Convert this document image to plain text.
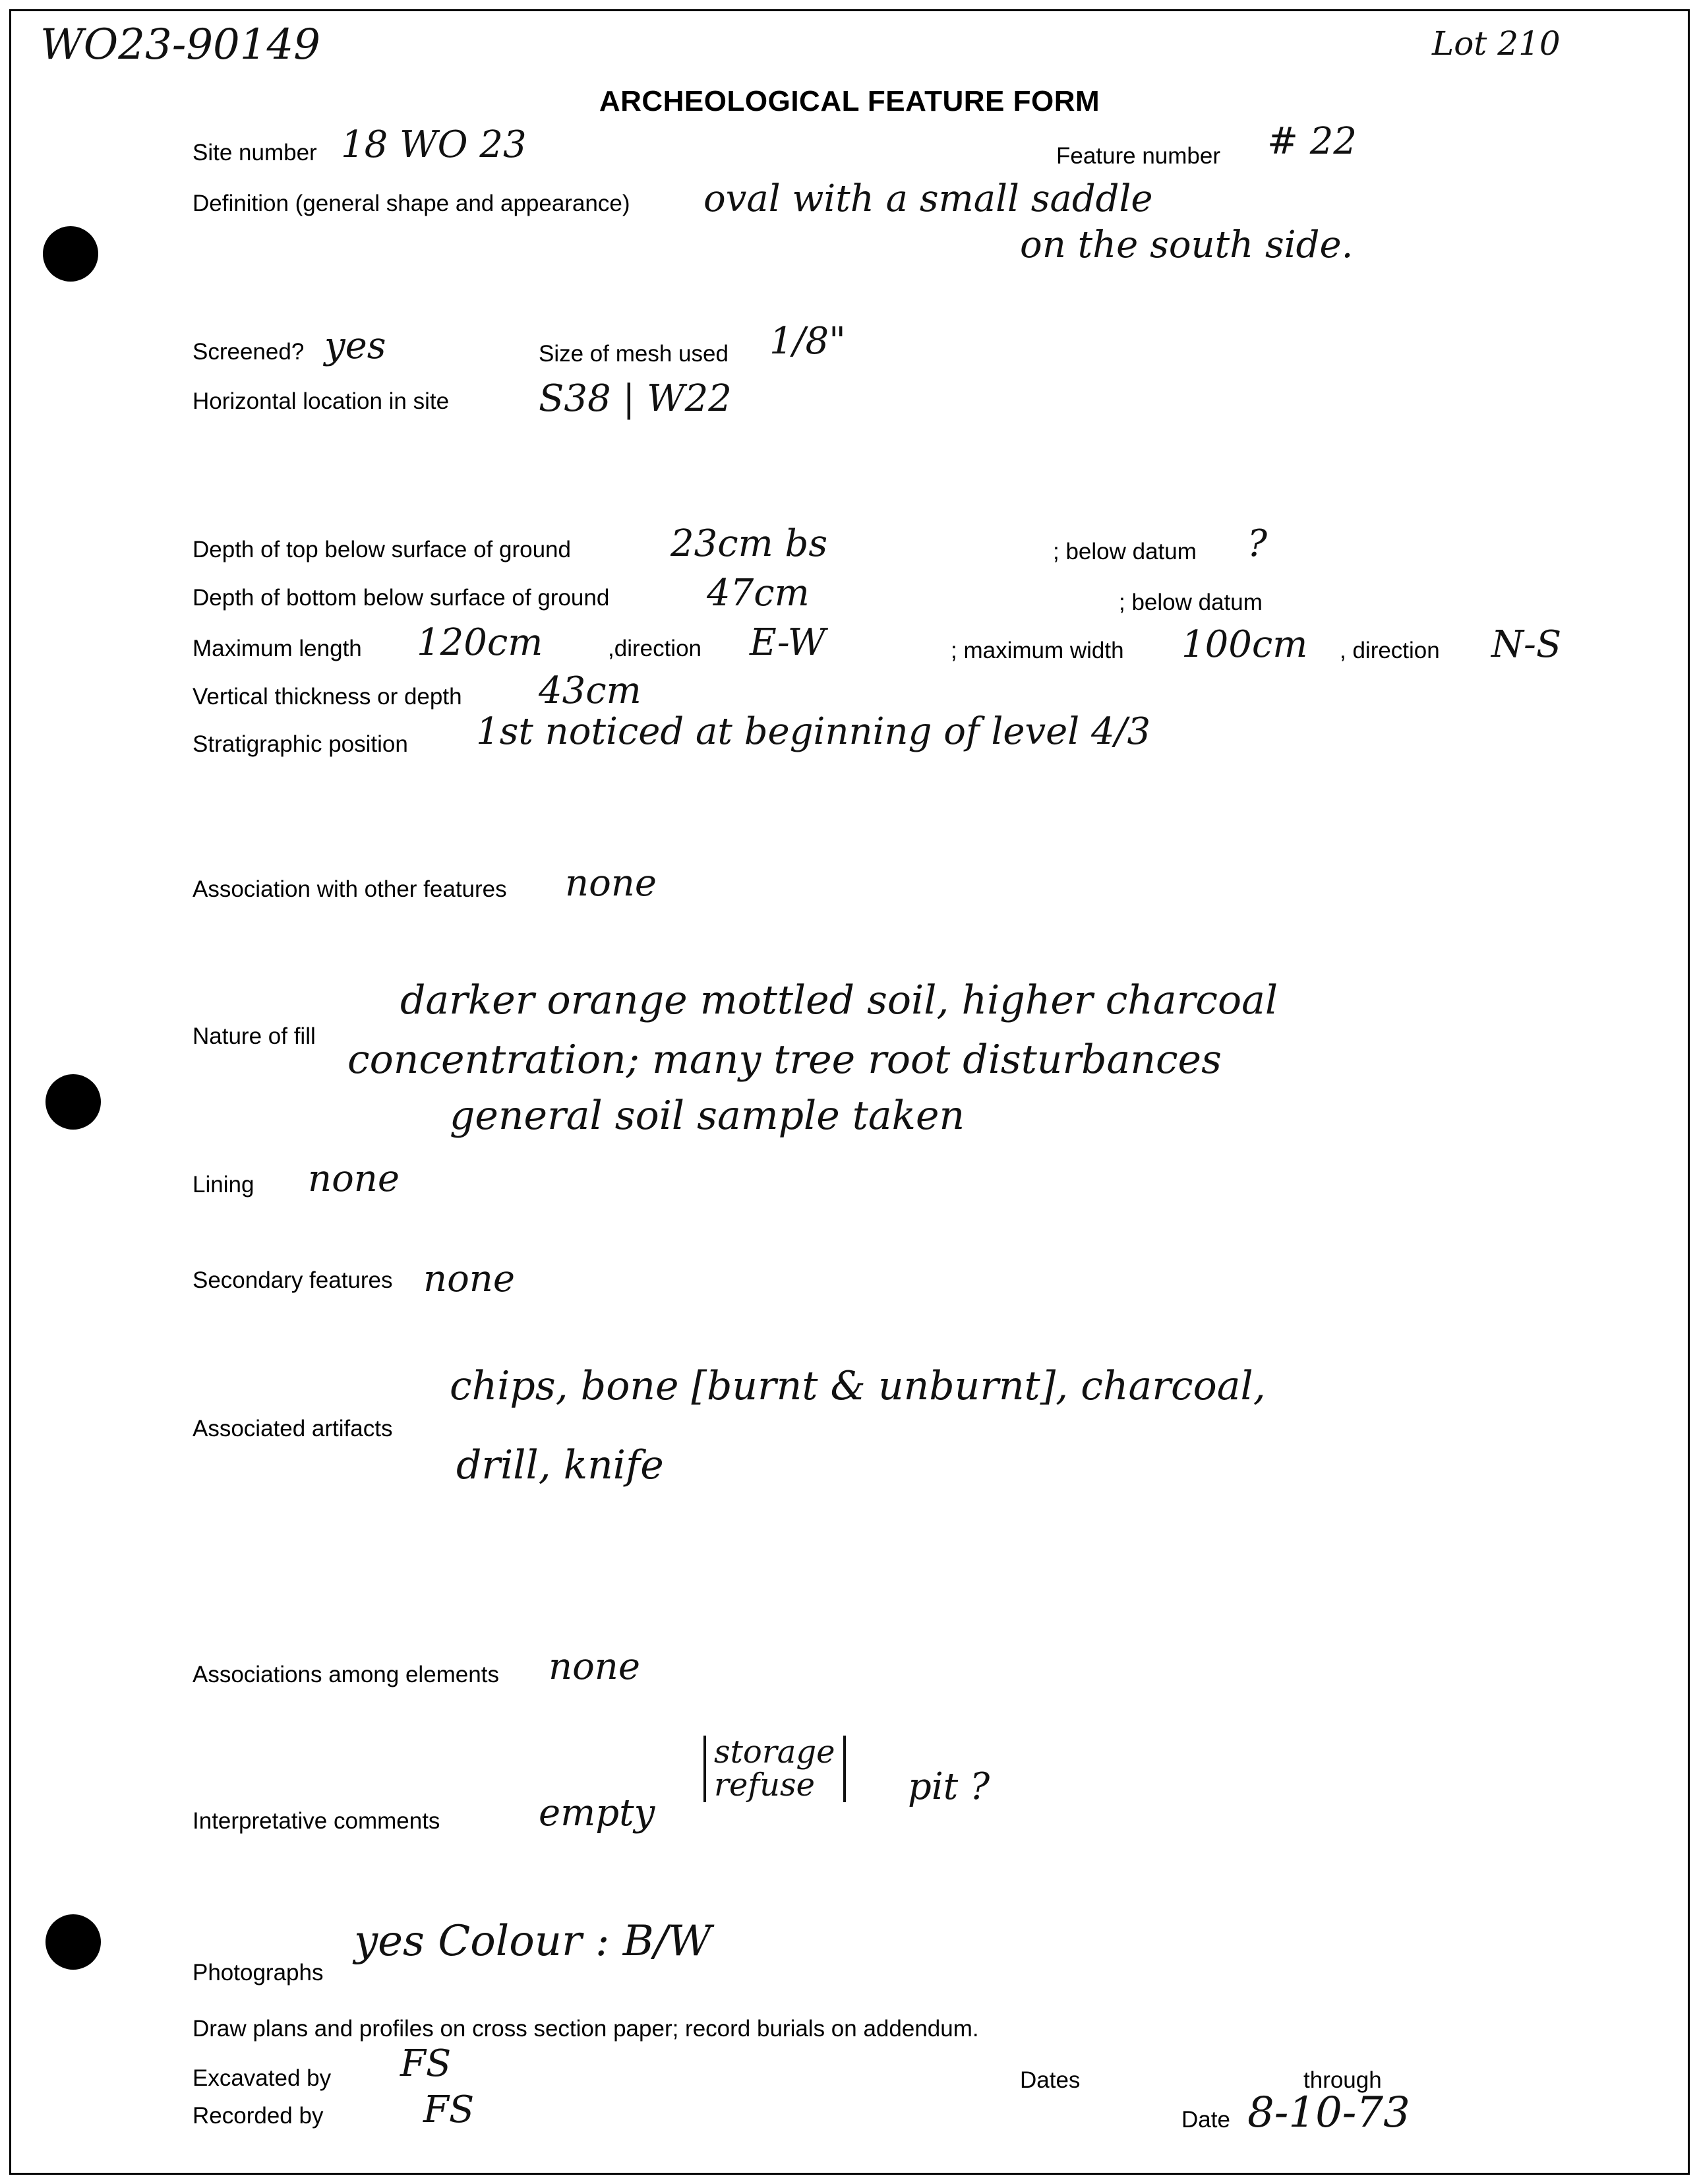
WO23-90149	Lot 210
ARCHEOLOGICAL FEATURE FORM
Site number 18 WO 23	Feature number # 22
Definition (general shape and appearance) oval with a small saddle
on the south side.
Screened? yes	Size of mesh used 1/8"
Horizontal location in site S38 | W22
Depth of top below surface of ground	23cm bs	; below datum ?
Depth of bottom below surface of ground	47cm	; below datum
Maximum length 120cm	,direction E-W	; maximum width 100cm , direction N-S
Vertical thickness or depth 43cm
Stratigraphic position 1st noticed at beginning of level 4/3
Association with other features none
Nature of fill
darker orange mottled soil, higher charcoal
concentration; many tree root disturbances
general soil sample taken
Lining none
Secondary features none
Associated artifacts
chips, bone [burnt & unburnt], charcoal,
drill, knife
Associations among elements none
Interpretative comments	empty
storage
refuse	pit ?
Photographs
yes Colour : B/W
Draw plans and profiles on cross section paper; record burials on addendum.
Excavated by FS	Dates	through
Recorded by	FS	Date 8-10-73
